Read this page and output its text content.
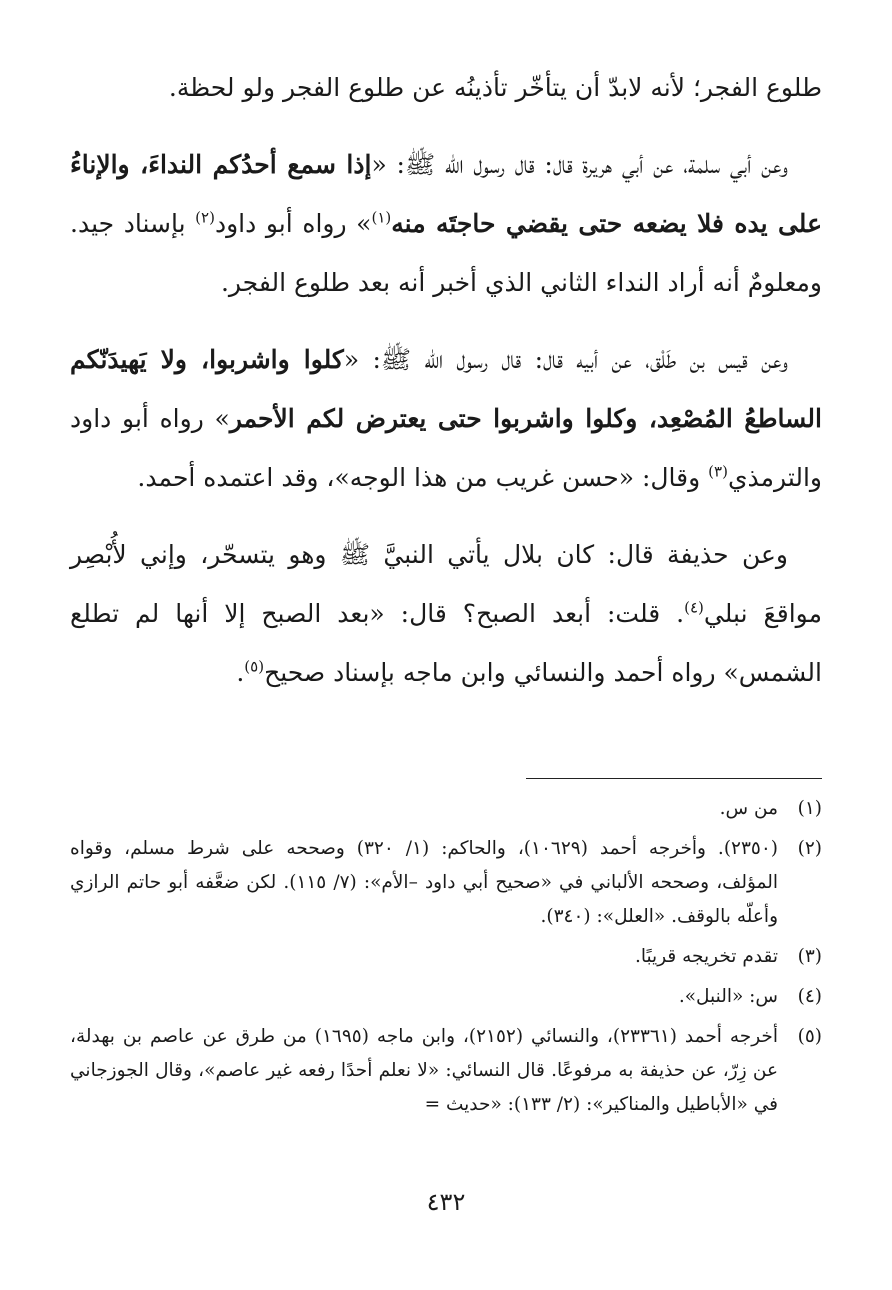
طلوع الفجر؛ لأنه لابدّ أن يتأخّر تأذينُه عن طلوع الفجر ولو لحظة.

وعن أبي سلمة، عن أبي هريرة قال: قال رسول الله ﷺ: «إذا سمع أحدُكم النداءَ، والإناءُ على يده فلا يضعه حتى يقضي حاجتَه منه$^{(١)}$» رواه أبو داود$^{(٢)}$ بإسناد جيد. ومعلومٌ أنه أراد النداء الثاني الذي أخبر أنه بعد طلوع الفجر.

وعن قيس بن طَلْق، عن أبيه قال: قال رسول الله ﷺ: «كلوا واشربوا، ولا يَهيدَنّكم الساطعُ المُصْعِد، وكلوا واشربوا حتى يعترض لكم الأحمر» رواه أبو داود والترمذي$^{(٣)}$ وقال: «حسن غريب من هذا الوجه»، وقد اعتمده أحمد.

وعن حذيفة قال: كان بلال يأتي النبيَّ ﷺ وهو يتسحّر، وإني لأُبْصِر مواقعَ نبلي$^{(٤)}$. قلت: أبعد الصبح؟ قال: «بعد الصبح إلا أنها لم تطلع الشمس» رواه أحمد والنسائي وابن ماجه بإسناد صحيح$^{(٥)}$.

(١)
من س.
(٢)
(٢٣٥٠). وأخرجه أحمد (١٠٦٢٩)، والحاكم: (١/ ٣٢٠) وصححه على شرط مسلم، وقواه المؤلف، وصححه الألباني في «صحيح أبي داود –الأم»: (٧/ ١١٥). لكن ضعَّفه أبو حاتم الرازي وأعلّه بالوقف. «العلل»: (٣٤٠).
(٣)
تقدم تخريجه قريبًا.
(٤)
س: «النبل».
(٥)
أخرجه أحمد (٢٣٣٦١)، والنسائي (٢١٥٢)، وابن ماجه (١٦٩٥) من طرق عن عاصم بن بهدلة، عن زِرّ، عن حذيفة به مرفوعًا. قال النسائي: «لا نعلم أحدًا رفعه غير عاصم»، وقال الجوزجاني في «الأباطيل والمناكير»: (٢/ ١٣٣): «حديث =
٤٣٢
